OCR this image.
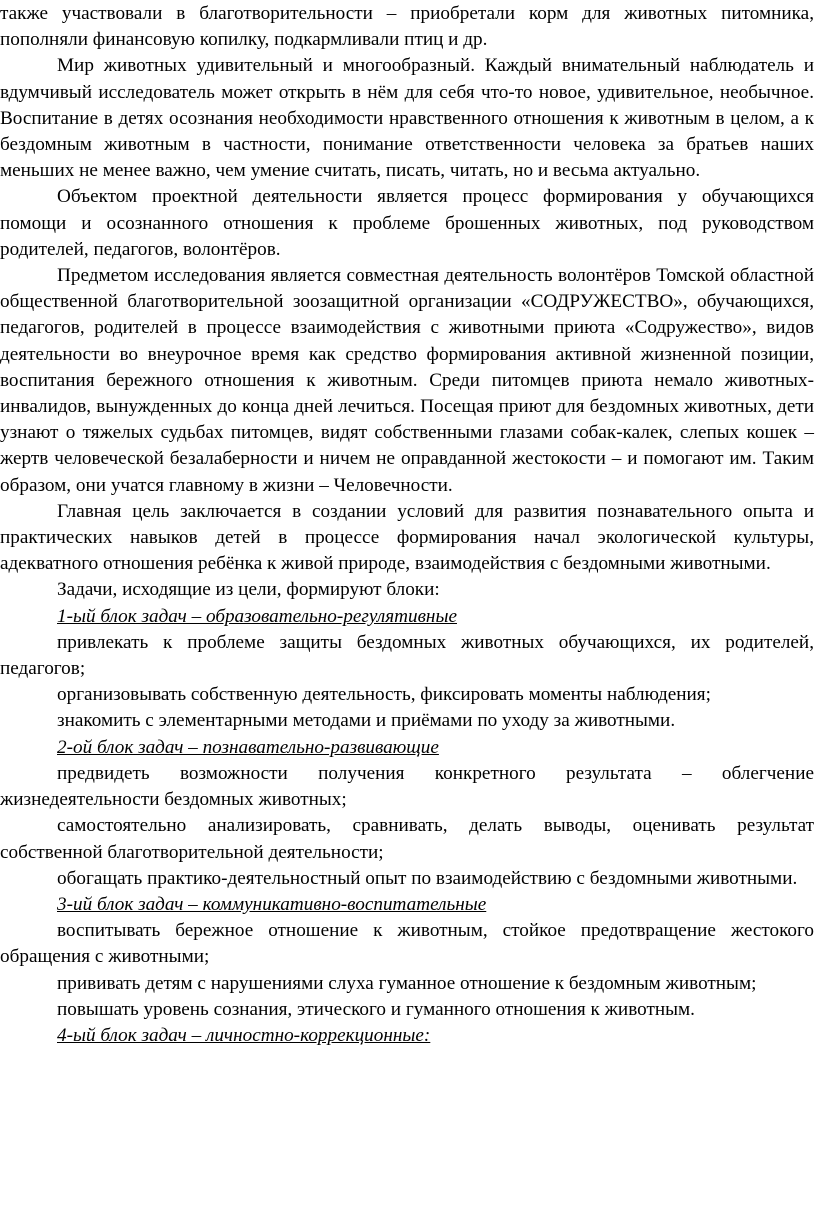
также участвовали в благотворительности – приобретали корм для животных питомника, пополняли финансовую копилку, подкармливали птиц и др.

Мир животных удивительный и многообразный. Каждый внимательный наблюдатель и вдумчивый исследователь может открыть в нём для себя что-то новое, удивительное, необычное. Воспитание в детях осознания необходимости нравственного отношения к животным в целом, а к бездомным животным в частности, понимание ответственности человека за братьев наших меньших не менее важно, чем умение считать, писать, читать, но и весьма актуально.

Объектом проектной деятельности является процесс формирования у обучающихся помощи и осознанного отношения к проблеме брошенных животных, под руководством родителей, педагогов, волонтёров.

Предметом исследования является совместная деятельность волонтёров Томской областной общественной благотворительной зоозащитной организации «СОДРУЖЕСТВО», обучающихся, педагогов, родителей в процессе взаимодействия с животными приюта «Содружество», видов деятельности во внеурочное время как средство формирования активной жизненной позиции, воспитания бережного отношения к животным. Среди питомцев приюта немало животных-инвалидов, вынужденных до конца дней лечиться. Посещая приют для бездомных животных, дети узнают о тяжелых судьбах питомцев, видят собственными глазами собак-калек, слепых кошек – жертв человеческой безалаберности и ничем не оправданной жестокости – и помогают им. Таким образом, они учатся главному в жизни – Человечности.

Главная цель заключается в создании условий для развития познавательного опыта и практических навыков детей в процессе формирования начал экологической культуры, адекватного отношения ребёнка к живой природе, взаимодействия с бездомными животными.

Задачи, исходящие из цели, формируют блоки:

1-ый блок задач – образовательно-регулятивные

привлекать к проблеме защиты бездомных животных обучающихся, их родителей, педагогов;

организовывать собственную деятельность, фиксировать моменты наблюдения;

знакомить с элементарными методами и приёмами по уходу за животными.

2-ой блок задач – познавательно-развивающие

предвидеть возможности получения конкретного результата – облегчение жизнедеятельности бездомных животных;

самостоятельно анализировать, сравнивать, делать выводы, оценивать результат собственной благотворительной деятельности;

обогащать практико-деятельностный опыт по взаимодействию с бездомными животными.

3-ий блок задач – коммуникативно-воспитательные

воспитывать бережное отношение к животным, стойкое предотвращение жестокого обращения с животными;

прививать детям с нарушениями слуха гуманное отношение к бездомным животным;

повышать уровень сознания, этического и гуманного отношения к животным.

4-ый блок задач – личностно-коррекционные:
